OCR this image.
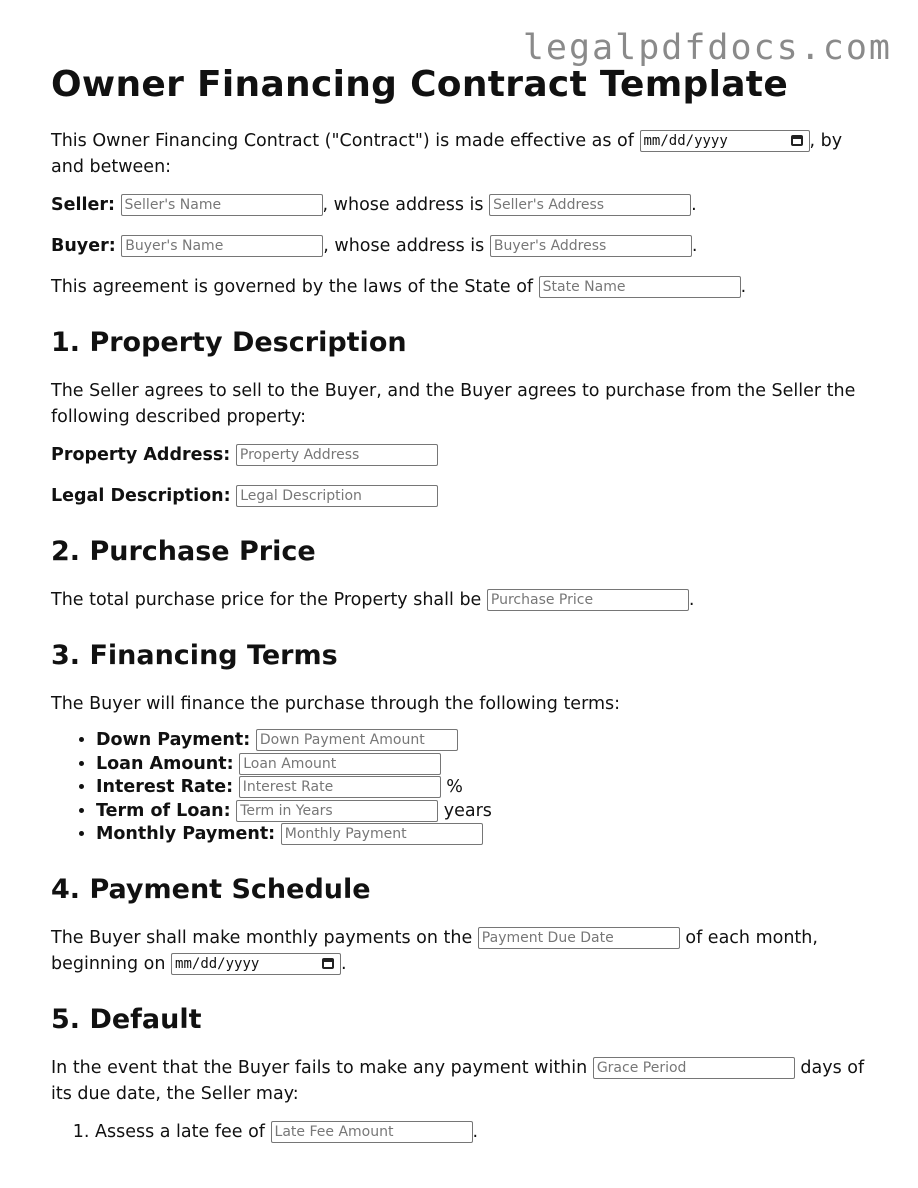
legalpdfdocs.com
Owner Financing Contract Template

This Owner Financing Contract ("Contract") is made effective as of mm/dd/yyyy	, by and between:

Seller: Seller's Name	, whose address is Seller's Address	.
Buyer: Buyer's Name	, whose address is Buyer's Address	.
This agreement is governed by the laws of the State of State Name	.
1. Property Description

The Seller agrees to sell to the Buyer, and the Buyer agrees to purchase from the Seller the following described property:

Property Address: Property Address
Legal Description: Legal Description
2. Purchase Price
The total purchase price for the Property shall be Purchase Price	.
3. Financing Terms

The Buyer will finance the purchase through the following terms:

• Down Payment: Down Payment Amount
• Loan Amount: Loan Amount
• Interest Rate: Interest Rate	%
• Term of Loan: Term in Years	years
• Monthly Payment: Monthly Payment
4. Payment Schedule

The Buyer shall make monthly payments on the Payment Due Date	of each month, beginning on mm/dd/yyyy	.

5. Default

In the event that the Buyer fails to make any payment within Grace Period	days of its due date, the Seller may:

1. Assess a late fee of Late Fee Amount	.
